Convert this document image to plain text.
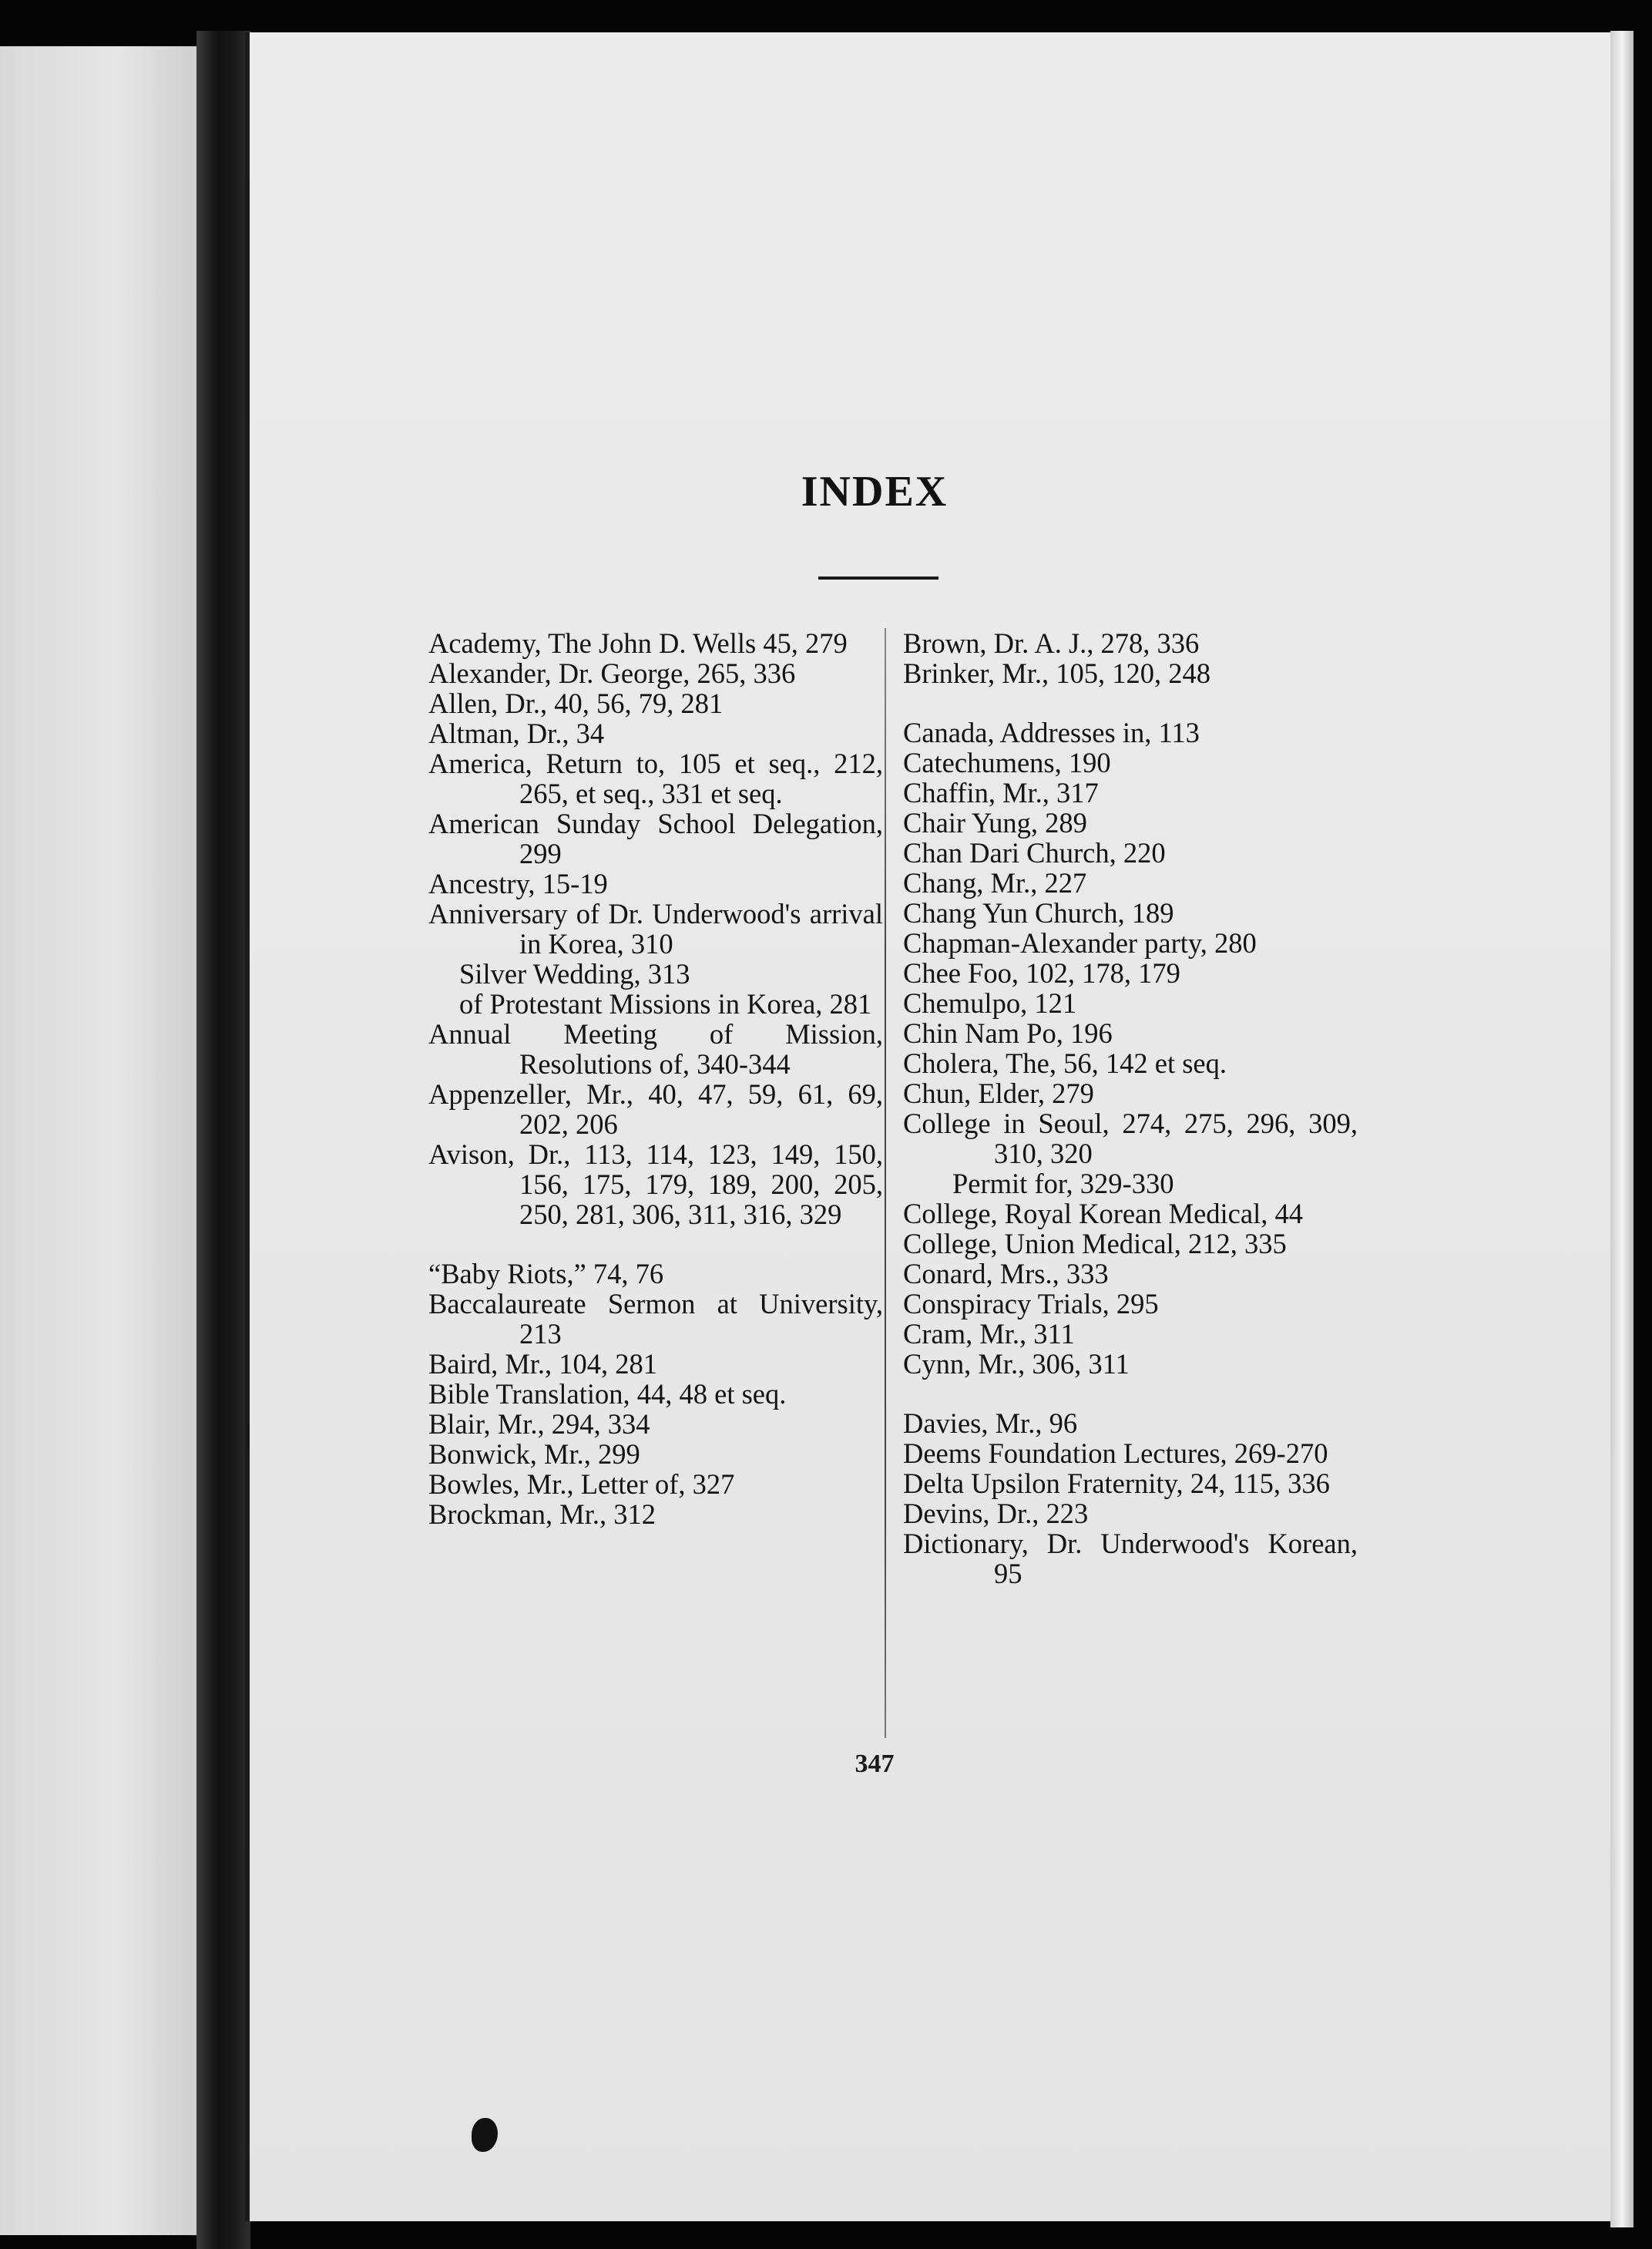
INDEX
Academy, The John D. Wells 45, 279
Alexander, Dr. George, 265, 336
Allen, Dr., 40, 56, 79, 281
Altman, Dr., 34
America, Return to, 105 et seq., 212, 265, et seq., 331 et seq.
American Sunday School Delegation, 299
Ancestry, 15-19
Anniversary of Dr. Underwood's arrival in Korea, 310
Silver Wedding, 313
of Protestant Missions in Korea, 281
Annual Meeting of Mission, Resolutions of, 340-344
Appenzeller, Mr., 40, 47, 59, 61, 69, 202, 206
Avison, Dr., 113, 114, 123, 149, 150, 156, 175, 179, 189, 200, 205, 250, 281, 306, 311, 316, 329
“Baby Riots,” 74, 76
Baccalaureate Sermon at University, 213
Baird, Mr., 104, 281
Bible Translation, 44, 48 et seq.
Blair, Mr., 294, 334
Bonwick, Mr., 299
Bowles, Mr., Letter of, 327
Brockman, Mr., 312
Brown, Dr. A. J., 278, 336
Brinker, Mr., 105, 120, 248
Canada, Addresses in, 113
Catechumens, 190
Chaffin, Mr., 317
Chair Yung, 289
Chan Dari Church, 220
Chang, Mr., 227
Chang Yun Church, 189
Chapman-Alexander party, 280
Chee Foo, 102, 178, 179
Chemulpo, 121
Chin Nam Po, 196
Cholera, The, 56, 142 et seq.
Chun, Elder, 279
College in Seoul, 274, 275, 296, 309, 310, 320
Permit for, 329-330
College, Royal Korean Medical, 44
College, Union Medical, 212, 335
Conard, Mrs., 333
Conspiracy Trials, 295
Cram, Mr., 311
Cynn, Mr., 306, 311
Davies, Mr., 96
Deems Foundation Lectures, 269-270
Delta Upsilon Fraternity, 24, 115, 336
Devins, Dr., 223
Dictionary, Dr. Underwood's Korean, 95
347
